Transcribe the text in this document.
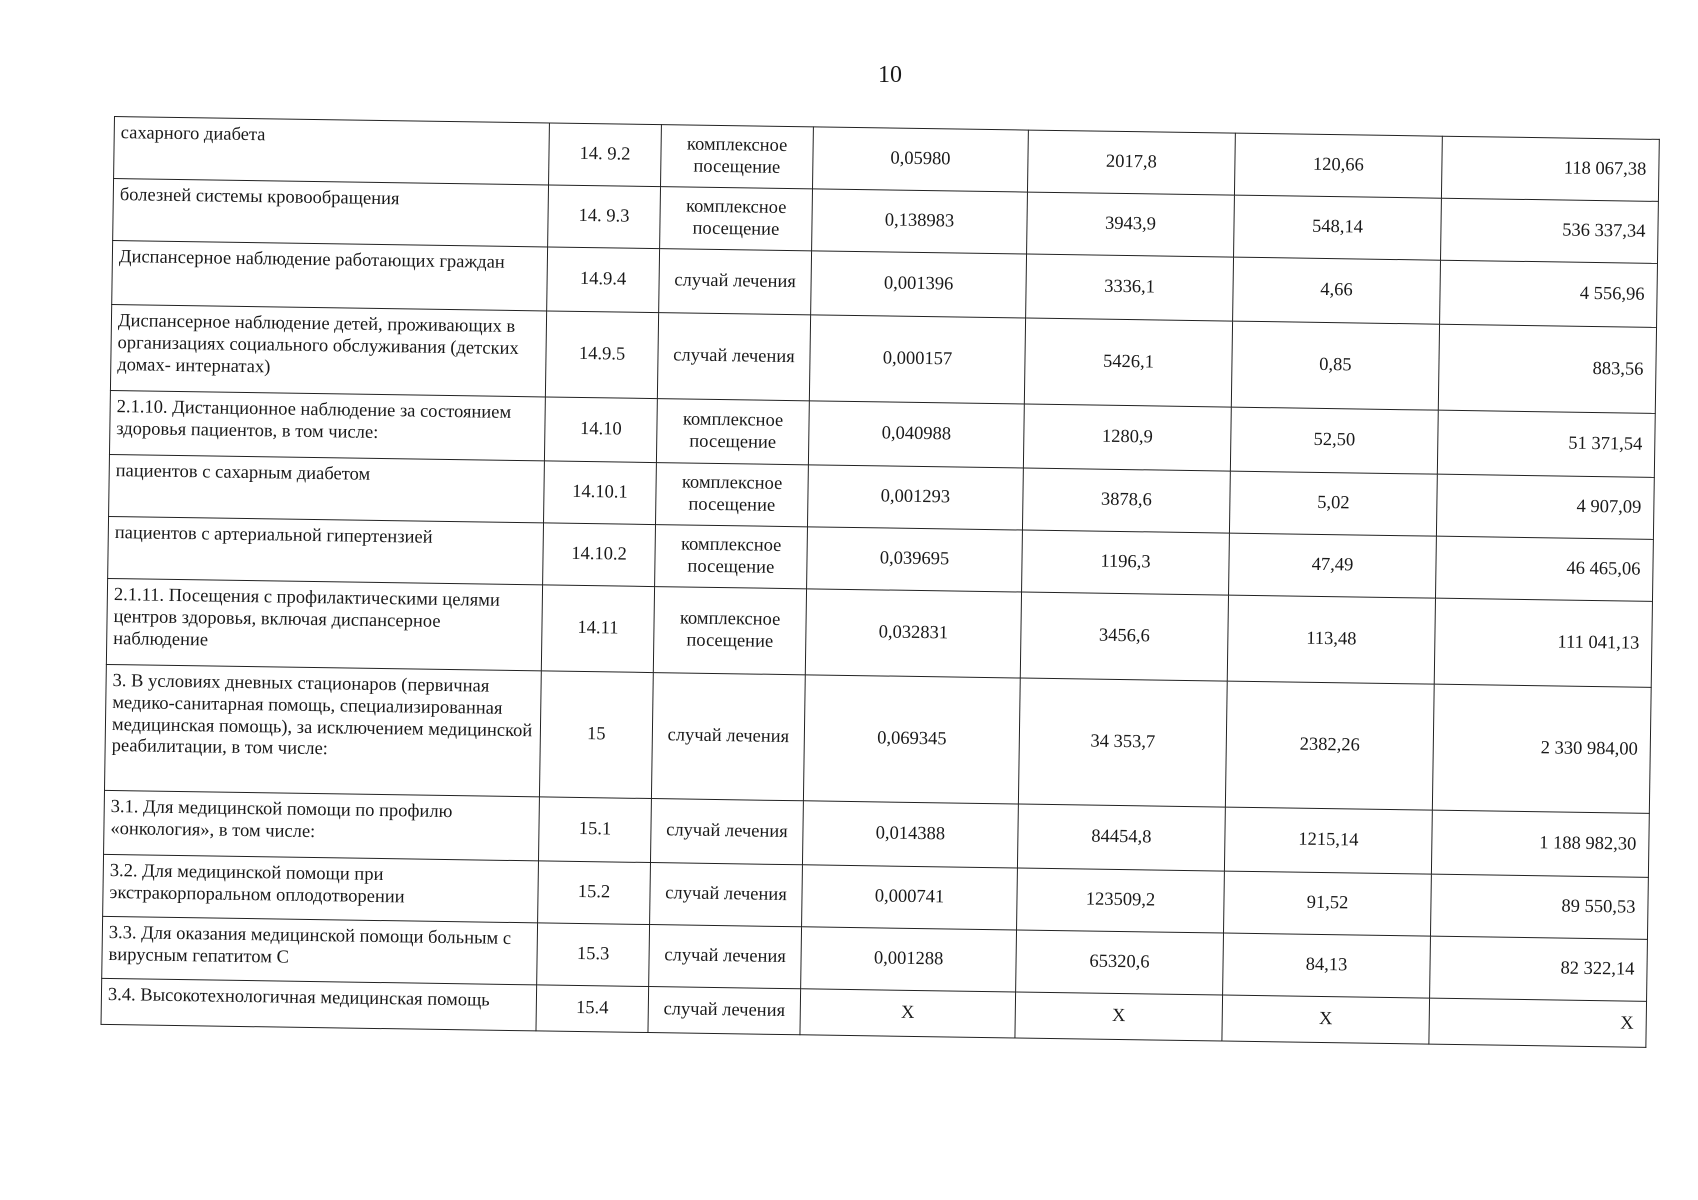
10
сахарного диабета	14. 9.2	комплексное посещение	0,05980	2017,8	120,66	118 067,38
болезней системы кровообращения	14. 9.3	комплексное посещение	0,138983	3943,9	548,14	536 337,34
Диспансерное наблюдение работающих граждан	14.9.4	случай лечения	0,001396	3336,1	4,66	4 556,96
Диспансерное наблюдение детей, проживающих в организациях социального обслуживания (детских домах- интернатах)	14.9.5	случай лечения	0,000157	5426,1	0,85	883,56
2.1.10. Дистанционное наблюдение за состоянием здоровья пациентов, в том числе:	14.10	комплексное посещение	0,040988	1280,9	52,50	51 371,54
пациентов с сахарным диабетом	14.10.1	комплексное посещение	0,001293	3878,6	5,02	4 907,09
пациентов с артериальной гипертензией	14.10.2	комплексное посещение	0,039695	1196,3	47,49	46 465,06
2.1.11. Посещения с профилактическими целями центров здоровья, включая диспансерное наблюдение	14.11	комплексное посещение	0,032831	3456,6	113,48	111 041,13
3. В условиях дневных стационаров (первичная медико-санитарная помощь, специализированная медицинская помощь), за исключением медицинской реабилитации, в том числе:	15	случай лечения	0,069345	34 353,7	2382,26	2 330 984,00
3.1. Для медицинской помощи по профилю «онкология», в том числе:	15.1	случай лечения	0,014388	84454,8	1215,14	1 188 982,30
3.2. Для медицинской помощи при экстракорпоральном оплодотворении	15.2	случай лечения	0,000741	123509,2	91,52	89 550,53
3.3. Для оказания медицинской помощи больным с вирусным гепатитом С	15.3	случай лечения	0,001288	65320,6	84,13	82 322,14
3.4. Высокотехнологичная медицинская помощь	15.4	случай лечения	Х	Х	Х	Х
